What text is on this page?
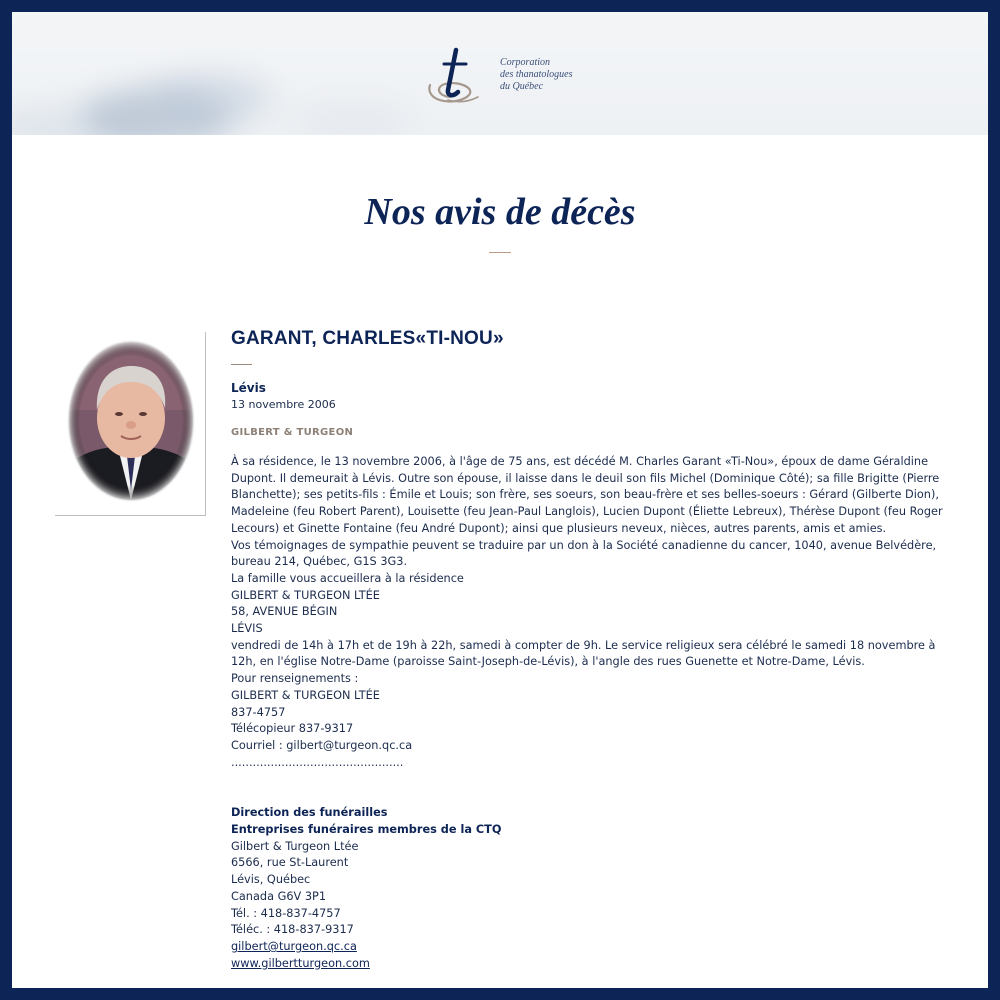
Corporation
des thanatologues
du Québec
Nos avis de décès
GARANT, CHARLES«TI-NOU»
Lévis
13 novembre 2006
GILBERT & TURGEON
À sa résidence, le 13 novembre 2006, à l'âge de 75 ans, est décédé M. Charles Garant «Ti-Nou», époux de dame Géraldine Dupont. Il demeurait à Lévis. Outre son épouse, il laisse dans le deuil son fils Michel (Dominique Côté); sa fille Brigitte (Pierre Blanchette); ses petits-fils : Émile et Louis; son frère, ses soeurs, son beau-frère et ses belles-soeurs : Gérard (Gilberte Dion), Madeleine (feu Robert Parent), Louisette (feu Jean-Paul Langlois), Lucien Dupont (Éliette Lebreux), Thérèse Dupont (feu Roger Lecours) et Ginette Fontaine (feu André Dupont); ainsi que plusieurs neveux, nièces, autres parents, amis et amies.
Vos témoignages de sympathie peuvent se traduire par un don à la Société canadienne du cancer, 1040, avenue Belvédère, bureau 214, Québec, G1S 3G3.
La famille vous accueillera à la résidence
GILBERT & TURGEON LTÉE
58, AVENUE BÉGIN
LÉVIS
vendredi de 14h à 17h et de 19h à 22h, samedi à compter de 9h. Le service religieux sera célébré le samedi 18 novembre à 12h, en l'église Notre-Dame (paroisse Saint-Joseph-de-Lévis), à l'angle des rues Guenette et Notre-Dame, Lévis.
Pour renseignements :
GILBERT & TURGEON LTÉE
837-4757
Télécopieur 837-9317
Courriel : gilbert@turgeon.qc.ca
................................................
Direction des funérailles
Entreprises funéraires membres de la CTQ
Gilbert & Turgeon Ltée
6566, rue St-Laurent
Lévis, Québec
Canada G6V 3P1
Tél. : 418-837-4757
Téléc. : 418-837-9317
gilbert@turgeon.qc.ca
www.gilbertturgeon.com
